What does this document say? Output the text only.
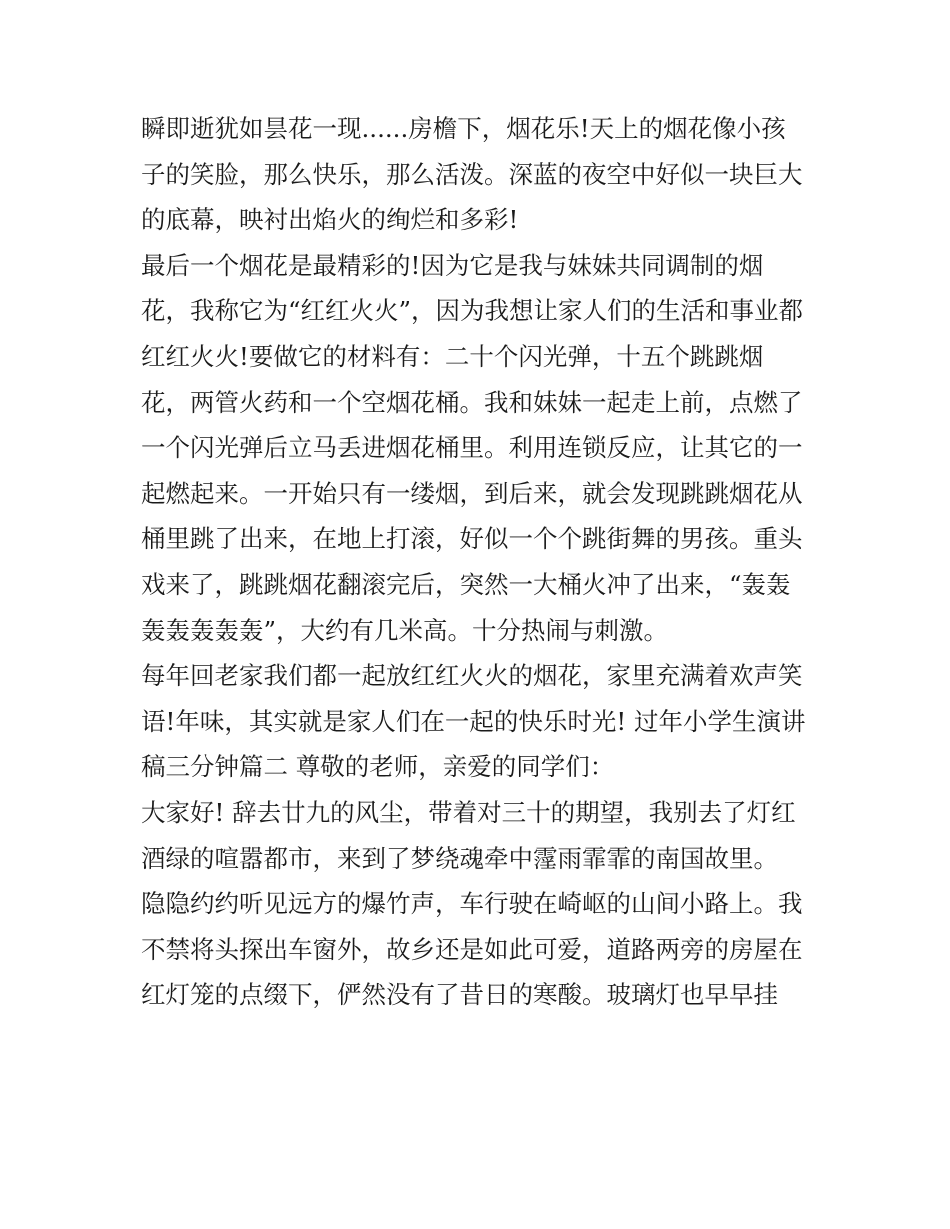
瞬即逝犹如昙花一现......房檐下，烟花乐!天上的烟花像小孩
子的笑脸，那么快乐，那么活泼。深蓝的夜空中好似一块巨大
的底幕，映衬出焰火的绚烂和多彩!
最后一个烟花是最精彩的!因为它是我与妹妹共同调制的烟
花，我称它为“红红火火”，因为我想让家人们的生活和事业都
红红火火!要做它的材料有：二十个闪光弹，十五个跳跳烟
花，两管火药和一个空烟花桶。我和妹妹一起走上前，点燃了
一个闪光弹后立马丢进烟花桶里。利用连锁反应，让其它的一
起燃起来。一开始只有一缕烟，到后来，就会发现跳跳烟花从
桶里跳了出来，在地上打滚，好似一个个跳街舞的男孩。重头
戏来了，跳跳烟花翻滚完后，突然一大桶火冲了出来，“轰轰
轰轰轰轰轰”，大约有几米高。十分热闹与刺激。
每年回老家我们都一起放红红火火的烟花，家里充满着欢声笑
语!年味，其实就是家人们在一起的快乐时光! 过年小学生演讲
稿三分钟篇二 尊敬的老师，亲爱的同学们：
大家好! 辞去廿九的风尘，带着对三十的期望，我别去了灯红
酒绿的喧嚣都市，来到了梦绕魂牵中霪雨霏霏的南国故里。
隐隐约约听见远方的爆竹声，车行驶在崎岖的山间小路上。我
不禁将头探出车窗外，故乡还是如此可爱，道路两旁的房屋在
红灯笼的点缀下，俨然没有了昔日的寒酸。玻璃灯也早早挂
